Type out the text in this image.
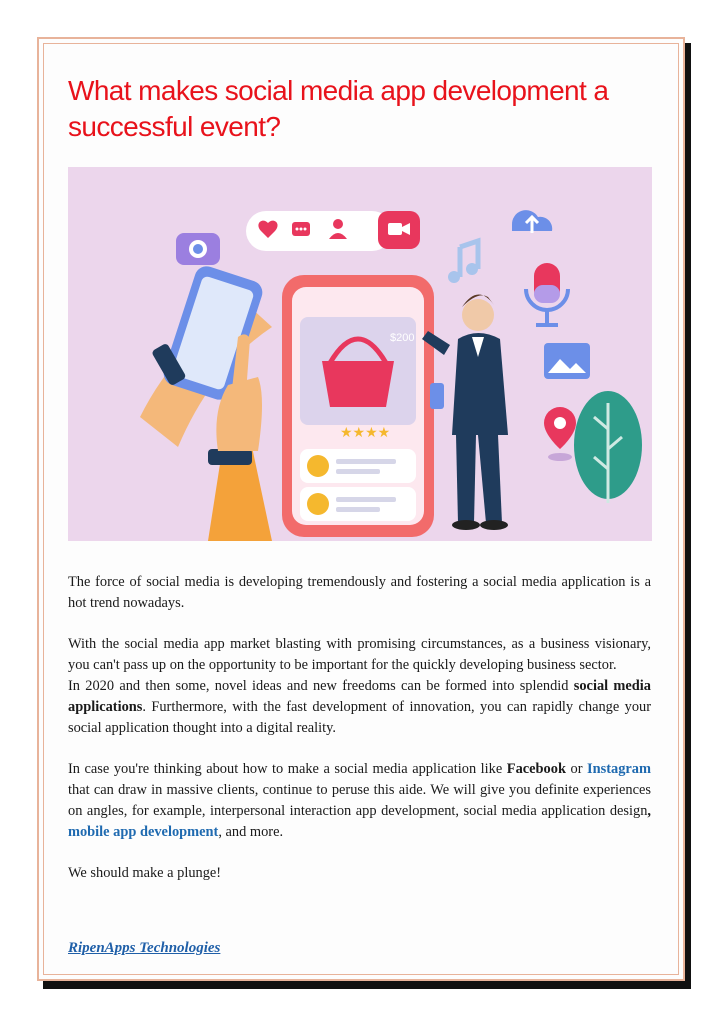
What makes social media app development a successful event?
$200
★★★★

The force of social media is developing tremendously and fostering a social media application is a hot trend nowadays.

With the social media app market blasting with promising circumstances, as a business visionary, you can't pass up on the opportunity to be important for the quickly developing business sector.

In 2020 and then some, novel ideas and new freedoms can be formed into splendid social media applications. Furthermore, with the fast development of innovation, you can rapidly change your social application thought into a digital reality.

In case you're thinking about how to make a social media application like Facebook or Instagram that can draw in massive clients, continue to peruse this aide. We will give you definite experiences on angles, for example, interpersonal interaction app development, social media application design, mobile app development, and more.

We should make a plunge!

RipenApps Technologies
